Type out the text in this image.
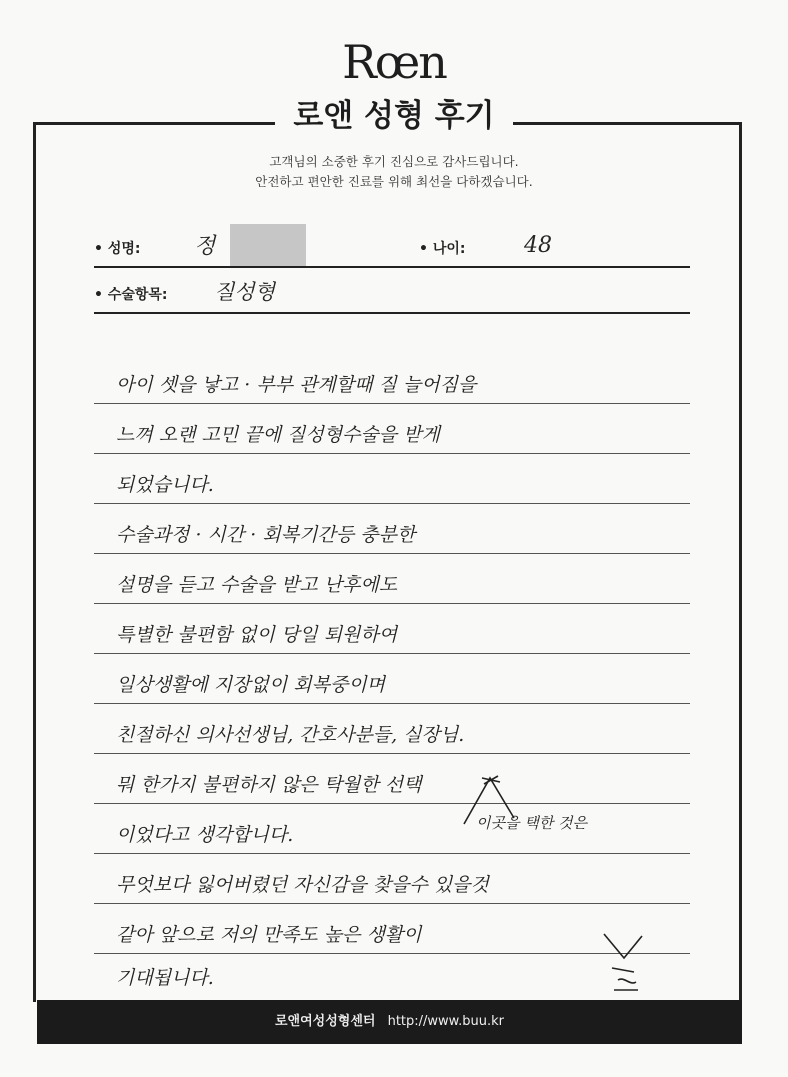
Rœn
로앤 성형 후기
고객님의 소중한 후기 진심으로 감사드립니다.
안전하고 편안한 진료를 위해 최선을 다하겠습니다.
• 성명: 정	• 나이:	48
• 수술항목: 질성형
아이 셋을 낳고 · 부부 관계할때 질 늘어짐을
느껴 오랜 고민 끝에 질성형수술을 받게
되었습니다.
수술과정 · 시간 · 회복기간등 충분한
설명을 듣고 수술을 받고 난후에도
특별한 불편함 없이 당일 퇴원하여
일상생활에 지장없이 회복중이며
친절하신 의사선생님, 간호사분들, 실장님.
뭐 한가지 불편하지 않은 탁월한 선택
이었다고 생각합니다.
무엇보다 잃어버렸던 자신감을 찾을수 있을것
같아 앞으로 저의 만족도 높은 생활이
기대됩니다.
이곳을 택한 것은
로앤여성성형센터 http://www.buu.kr
